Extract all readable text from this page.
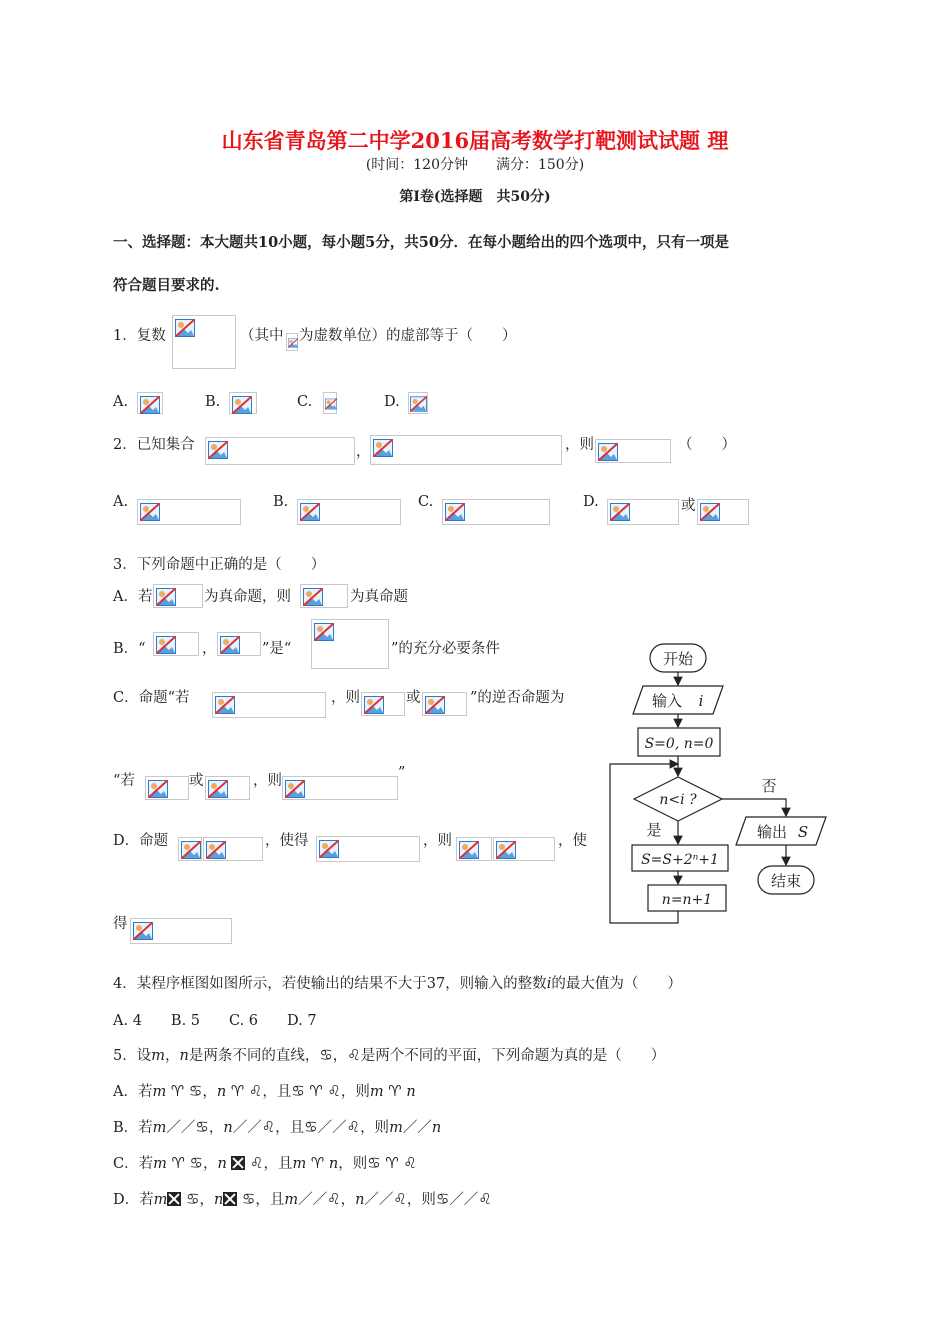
山东省青岛第二中学2016届高考数学打靶测试试题 理
(时间：120分钟　　满分：150分)
第Ⅰ卷(选择题　共50分)
一、选择题：本大题共10小题，每小题5分，共50分．在每小题给出的四个选项中，只有一项是
符合题目要求的.
1．复数	（其中 为虚数单位）的虚部等于（　　）
A.	B.	C.	D.
2．已知集合	，	，则	（　　）
A.	B.	C.	D.	或
3．下列命题中正确的是（　　）
A．若	为真命题，则	为真命题
B．“	，	”是“	”的充分必要条件
C．命题“若	，则	或	”的逆否命题为
“若	或	，则	”
D．命题	，使得	，则	，使
得
开始
输入 i
S=0, n=0
n<i ?
否
是	输出 S
S=S+2ⁿ+1
n=n+1
结束
4．某程序框图如图所示，若使输出的结果不大于37，则输入的整数i的最大值为（　　）
A. 4　　B. 5　　C. 6　　D. 7
5．设m，n是两条不同的直线，♋，♌是两个不同的平面，下列命题为真的是（　　）
A．若m ♈ ♋，n ♈ ♌，且♋ ♈ ♌，则m ♈ n
B．若m／／♋，n／／♌，且♋／／♌，则m／／n
C．若m ♈ ♋，n ♌，且m ♈ n，则♋ ♈ ♌
D．若m ♋，n ♋，且m／／♌，n／／♌，则♋／／♌
